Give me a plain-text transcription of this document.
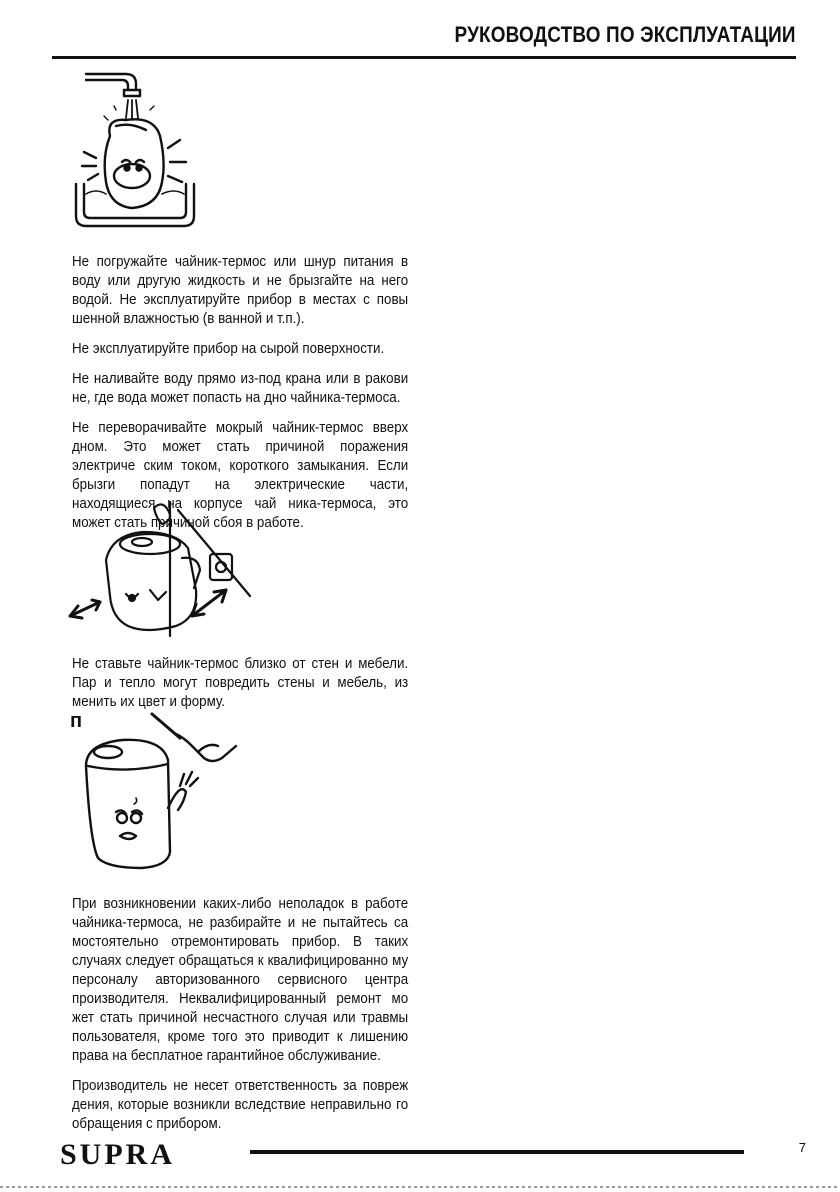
РУКОВОДСТВО ПО ЭКСПЛУАТАЦИИ

Не погружайте чайник-термос или шнур питания в воду или другую жидкость и не брызгайте на него водой. Не эксплуатируйте прибор в местах с повы шенной влажностью (в ванной и т.п.).

Не эксплуатируйте прибор на сырой поверхности.

Не наливайте воду прямо из-под крана или в ракови не, где вода может попасть на дно чайника-термоса.

Не переворачивайте мокрый чайник-термос вверх дном. Это может стать причиной поражения электриче ским током, короткого замыкания. Если брызги попадут на электрические части, находящиеся на корпусе чай ника-термоса, это может стать причиной сбоя в работе.

Не ставьте чайник-термос близко от стен и мебели. Пар и тепло могут повредить стены и мебель, из менить их цвет и форму.

п

При возникновении каких-либо неполадок в работе чайника-термоса, не разбирайте и не пытайтесь са мостоятельно отремонтировать прибор. В таких случаях следует обращаться к квалифицированно му персоналу авторизованного сервисного центра производителя. Неквалифицированный ремонт мо жет стать причиной несчастного случая или травмы пользователя, кроме того это приводит к лишению права на бесплатное гарантийное обслуживание.

Производитель не несет ответственность за повреж дения, которые возникли вследствие неправильно го обращения с прибором.

SUPRA	7
